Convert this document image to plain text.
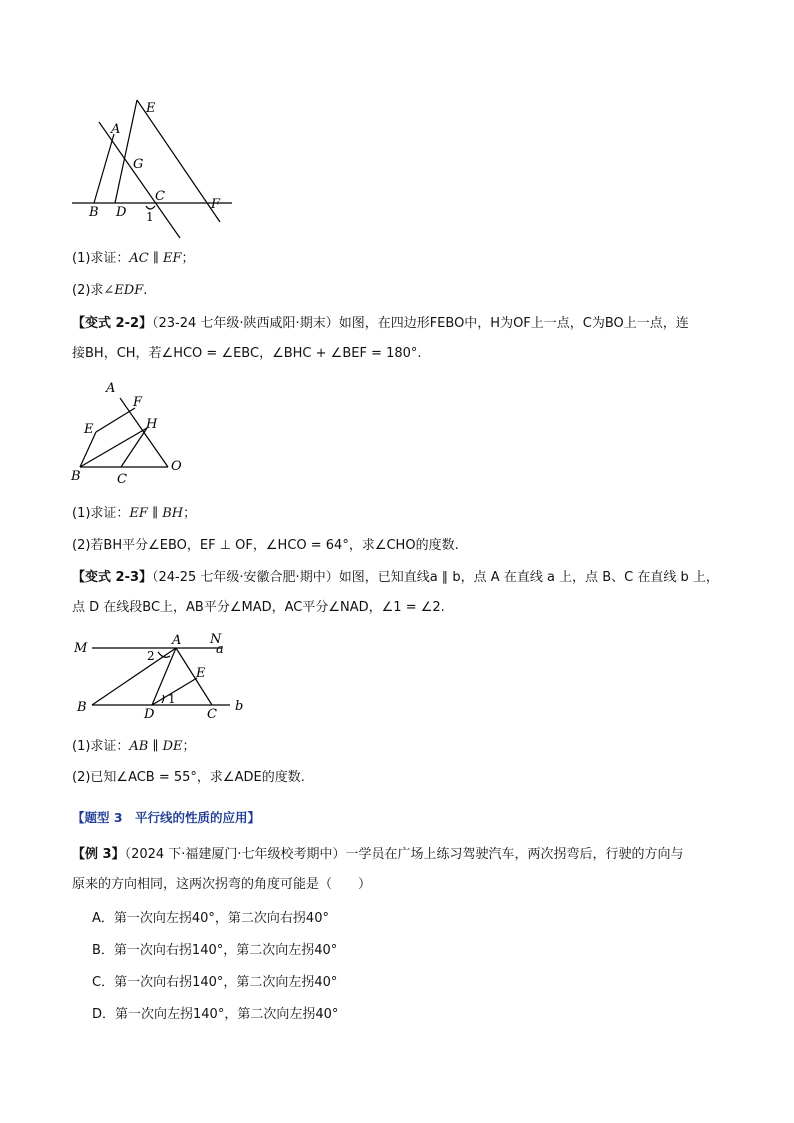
E
A
G
C
B D
F
1
(1)求证：AC ∥ EF；
(2)求∠EDF.
【变式 2-2】（23-24 七年级·陕西咸阳·期末）如图，在四边形FEBO中，H为OF上一点，C为BO上一点，连
接BH，CH，若∠HCO = ∠EBC，∠BHC + ∠BEF = 180°.
A
F
E	H
B	C
O
(1)求证：EF ∥ BH；
(2)若BH平分∠EBO，EF ⊥ OF，∠HCO = 64°，求∠CHO的度数.
【变式 2-3】（24-25 七年级·安徽合肥·期中）如图，已知直线a ∥ b，点 A 在直线 a 上，点 B、C 在直线 b 上，
点 D 在线段BC上，AB平分∠MAD，AC平分∠NAD，∠1 = ∠2.
M
A N
a
2
E
B	D
1
C
b
(1)求证：AB ∥ DE；
(2)已知∠ACB = 55°，求∠ADE的度数.
【题型 3　平行线的性质的应用】
【例 3】（2024 下·福建厦门·七年级校考期中）一学员在广场上练习驾驶汽车，两次拐弯后，行驶的方向与
原来的方向相同，这两次拐弯的角度可能是（　　）
A．第一次向左拐40°，第二次向右拐40°
B．第一次向右拐140°，第二次向左拐40°
C．第一次向右拐140°，第二次向左拐40°
D．第一次向左拐140°，第二次向左拐40°
